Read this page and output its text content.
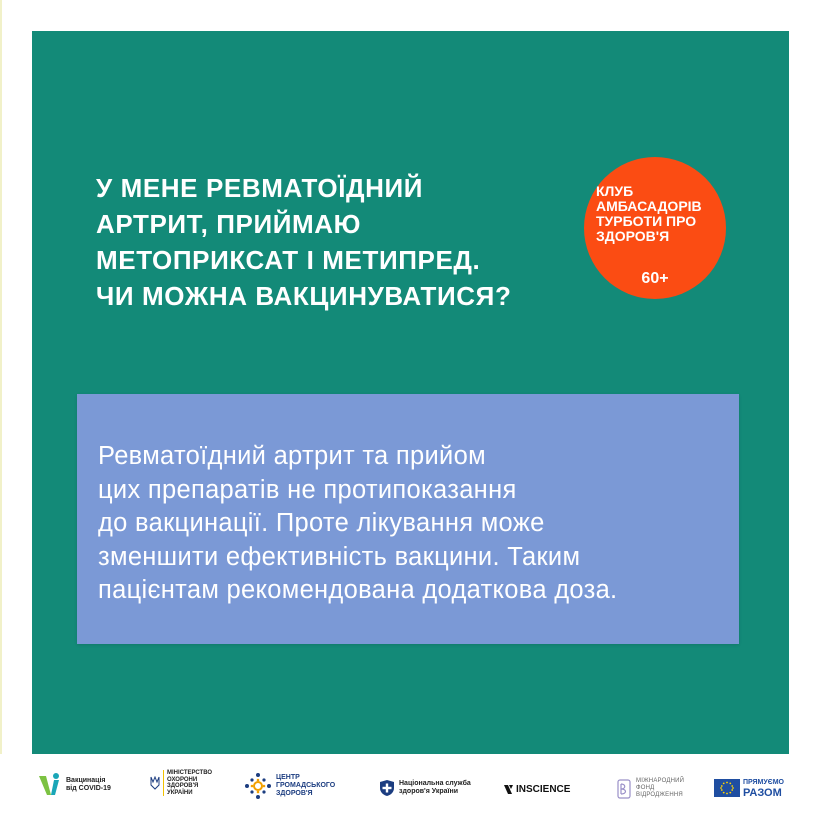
У МЕНЕ РЕВМАТОЇДНИЙ
АРТРИТ, ПРИЙМАЮ
МЕТОПРИКСАТ І МЕТИПРЕД.
ЧИ МОЖНА ВАКЦИНУВАТИСЯ?
КЛУБ
АМБАСАДОРІВ
ТУРБОТИ ПРО
ЗДОРОВ'Я
60+
Ревматоїдний артрит та прийом
цих препаратів не протипоказання
до вакцинації. Проте лікування може
зменшити ефективність вакцини. Таким
пацієнтам рекомендована додаткова доза.
Вакцинація
від COVID-19
МІНІСТЕРСТВО
ОХОРОНИ
ЗДОРОВ'Я
УКРАЇНИ
ЦЕНТР
ГРОМАДСЬКОГО
ЗДОРОВ'Я
Національна служба
здоров'я України	INSCIENCE
МІЖНАРОДНИЙ
ФОНД
ВІДРОДЖЕННЯ
ПРЯМУЄМО
РАЗОМ
